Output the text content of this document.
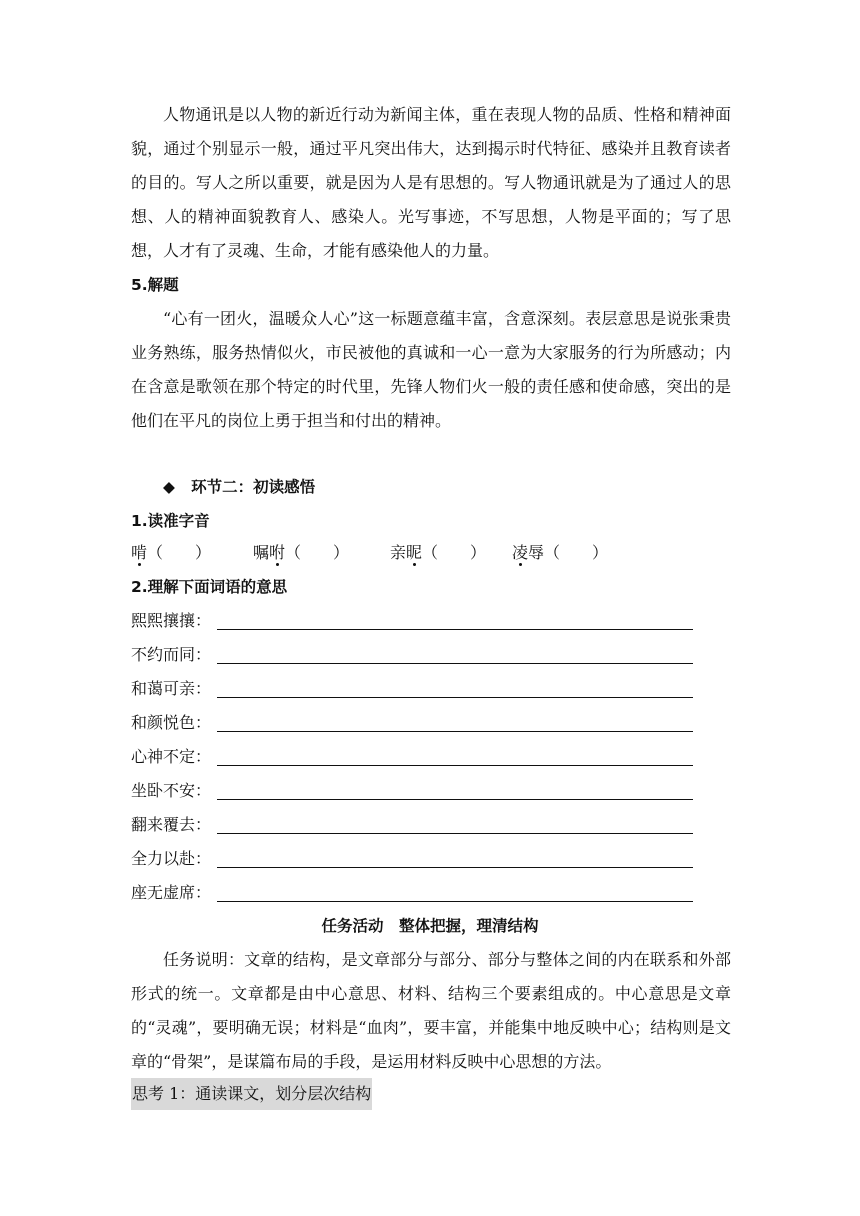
人物通讯是以人物的新近行动为新闻主体，重在表现人物的品质、性格和精神面貌，通过个别显示一般，通过平凡突出伟大，达到揭示时代特征、感染并且教育读者的目的。写人之所以重要，就是因为人是有思想的。写人物通讯就是为了通过人的思想、人的精神面貌教育人、感染人。光写事迹，不写思想，人物是平面的；写了思想，人才有了灵魂、生命，才能有感染他人的力量。

5.解题

“心有一团火，温暖众人心”这一标题意蕴丰富，含意深刻。表层意思是说张秉贵业务熟练，服务热情似火，市民被他的真诚和一心一意为大家服务的行为所感动；内在含意是歌领在那个特定的时代里，先锋人物们火一般的责任感和使命感，突出的是他们在平凡的岗位上勇于担当和付出的精神。

◆ 环节二：初读感悟
1.读准字音
啃（　　）	嘱咐（　　）	亲昵（　　） 凌辱（　　）
2.理解下面词语的意思
熙熙攘攘：
不约而同：
和蔼可亲：
和颜悦色：
心神不定：
坐卧不安：
翻来覆去：
全力以赴：
座无虚席：
任务活动　整体把握，理清结构

任务说明：文章的结构，是文章部分与部分、部分与整体之间的内在联系和外部形式的统一。文章都是由中心意思、材料、结构三个要素组成的。中心意思是文章的“灵魂”，要明确无误；材料是“血肉”，要丰富，并能集中地反映中心；结构则是文章的“骨架”，是谋篇布局的手段，是运用材料反映中心思想的方法。

思考 1：通读课文，划分层次结构
